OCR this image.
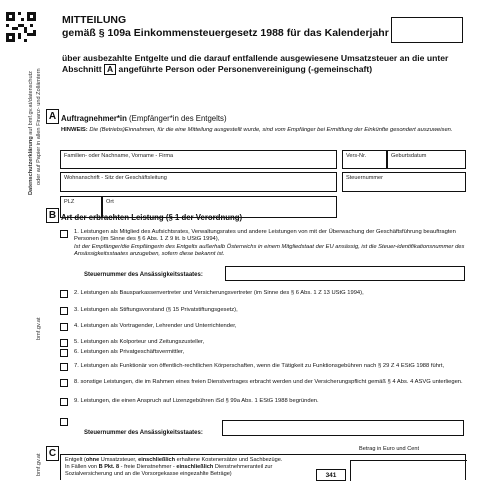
Datenschutzerklärung auf bmf.gv.at/datenschutz oder auf Papier in allen Finanz- und Zollämtern
bmf.gv.at
bmf.gv.at
MITTEILUNG
gemäß § 109a Einkommensteuergesetz 1988 für das Kalenderjahr
über ausbezahlte Entgelte und die darauf entfallende ausgewiesene Umsatzsteuer an die unter Abschnitt A angeführte Person oder Personenvereinigung (-gemeinschaft)
A Auftragnehmer*in (Empfänger*in des Entgelts)
HINWEIS: Die (Betriebs)Einnahmen, für die eine Mitteilung ausgestellt wurde, sind vom Empfänger bei Ermittlung der Einkünfte gesondert auszuweisen.
Familien- oder Nachname, Vorname - Firma	Vers-Nr.	Geburtsdatum
Wohnanschrift - Sitz der Geschäftsleitung	Steuernummer
PLZ	Ort
B Art der erbrachten Leistung (§ 1 der Verordnung)
1. Leistungen als Mitglied des Aufsichtsrates, Verwaltungsrates und andere Leistungen von mit der Überwachung der Geschäftsführung beauftragten Personen (im Sinne des § 6 Abs. 1 Z 9 lit. b UStG 1994),
Ist der Empfänger/die Empfängerin des Entgelts außerhalb Österreichs in einem Mitgliedstaat der EU ansässig, ist die Steuer-identifikationsnummer des Ansässigkeitsstaates anzugeben, sofern diese bekannt ist.
Steuernummer des Ansässigkeitsstaates:
2. Leistungen als Bausparkassenvertreter und Versicherungsvertreter (im Sinne des § 6 Abs. 1 Z 13 UStG 1994),
3. Leistungen als Stiftungsvorstand (§ 15 Privatstiftungsgesetz),
4. Leistungen als Vortragender, Lehrender und Unterrichtender,
5. Leistungen als Kolporteur und Zeitungszusteller,
6. Leistungen als Privatgeschäftsvermittler,
7. Leistungen als Funktionär von öffentlich-rechtlichen Körperschaften, wenn die Tätigkeit zu Funktionsgebühren nach § 29 Z 4 EStG 1988 führt,
8. sonstige Leistungen, die im Rahmen eines freien Dienstvertrages erbracht werden und der Versicherungspflicht gemäß § 4 Abs. 4 ASVG unterliegen.
9. Leistungen, die einen Anspruch auf Lizenzgebühren iSd § 99a Abs. 1 EStG 1988 begründen.
Steuernummer des Ansässigkeitsstaates:
C	Betrag in Euro und Cent
Entgelt (ohne Umsatzsteuer, einschließlich erhaltene Kostenersätze und Sachbezüge.
In Fällen von B Pkt. 8 - freie Dienstnehmer - einschließlich Dienstnehmeranteil zur
Sozialversicherung und an die Vorsorgekasse eingezahlte Beträge)	341
